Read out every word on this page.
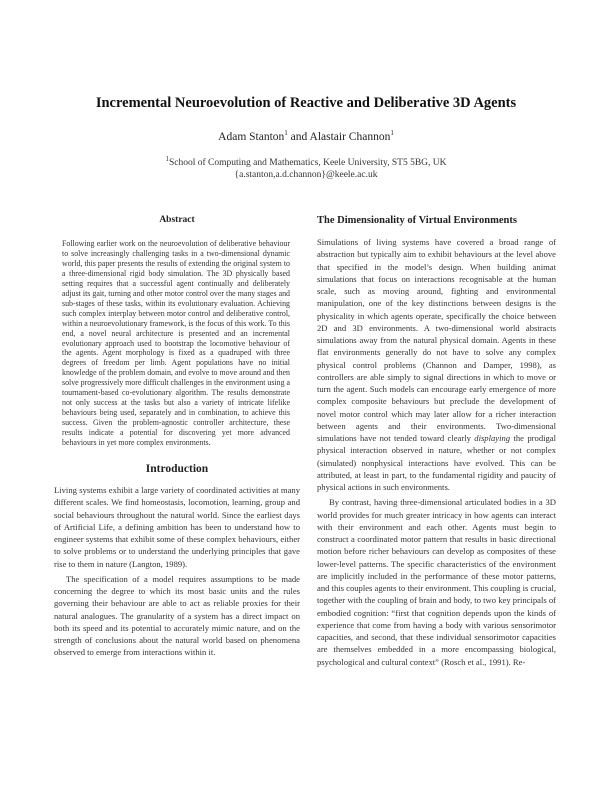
Incremental Neuroevolution of Reactive and Deliberative 3D Agents
Adam Stanton$^1$ and Alastair Channon$^1$
$^1$School of Computing and Mathematics, Keele University, ST5 5BG, UK
{a.stanton,a.d.channon}@keele.ac.uk
Abstract

Following earlier work on the neuroevolution of deliberative behaviour to solve increasingly challenging tasks in a two-dimensional dynamic world, this paper presents the results of extending the original system to a three-dimensional rigid body simulation. The 3D physically based setting requires that a successful agent continually and deliberately adjust its gait, turning and other motor control over the many stages and sub-stages of these tasks, within its evolutionary evaluation. Achieving such complex interplay between motor control and deliberative control, within a neuroevolutionary framework, is the focus of this work. To this end, a novel neural architecture is presented and an incremental evolutionary approach used to bootstrap the locomotive behaviour of the agents. Agent morphology is fixed as a quadruped with three degrees of freedom per limb. Agent populations have no initial knowledge of the problem domain, and evolve to move around and then solve progressively more difficult challenges in the environment using a tournament-based co-evolutionary algorithm. The results demonstrate not only success at the tasks but also a variety of intricate lifelike behaviours being used, separately and in combination, to achieve this success. Given the problem-agnostic controller architecture, these results indicate a potential for discovering yet more advanced behaviours in yet more complex environments.

Introduction

Living systems exhibit a large variety of coordinated activities at many different scales. We find homeostasis, locomotion, learning, group and social behaviours throughout the natural world. Since the earliest days of Artificial Life, a defining ambition has been to understand how to engineer systems that exhibit some of these complex behaviours, either to solve problems or to understand the underlying principles that gave rise to them in nature (Langton, 1989).

The specification of a model requires assumptions to be made concerning the degree to which its most basic units and the rules governing their behaviour are able to act as reliable proxies for their natural analogues. The granularity of a system has a direct impact on both its speed and its potential to accurately mimic nature, and on the strength of conclusions about the natural world based on phenomena observed to emerge from interactions within it.

The Dimensionality of Virtual Environments

Simulations of living systems have covered a broad range of abstraction but typically aim to exhibit behaviours at the level above that specified in the model’s design. When building animat simulations that focus on interactions recognisable at the human scale, such as moving around, fighting and environmental manipulation, one of the key distinctions between designs is the physicality in which agents operate, specifically the choice between 2D and 3D environments. A two-dimensional world abstracts simulations away from the natural physical domain. Agents in these flat environments generally do not have to solve any complex physical control problems (Channon and Damper, 1998), as controllers are able simply to signal directions in which to move or turn the agent. Such models can encourage early emergence of more complex composite behaviours but preclude the development of novel motor control which may later allow for a richer interaction between agents and their environments. Two-dimensional simulations have not tended toward clearly displaying the prodigal physical interaction observed in nature, whether or not complex (simulated) nonphysical interactions have evolved. This can be attributed, at least in part, to the fundamental rigidity and paucity of physical actions in such environments.

By contrast, having three-dimensional articulated bodies in a 3D world provides for much greater intricacy in how agents can interact with their environment and each other. Agents must begin to construct a coordinated motor pattern that results in basic directional motion before richer behaviours can develop as composites of these lower-level patterns. The specific characteristics of the environment are implicitly included in the performance of these motor patterns, and this couples agents to their environment. This coupling is crucial, together with the coupling of brain and body, to two key principals of embodied cognition: “first that cognition depends upon the kinds of experience that come from having a body with various sensorimotor capacities, and second, that these individual sensorimotor capacities are themselves embedded in a more encompassing biological, psychological and cultural context” (Rosch et al., 1991). Re-
